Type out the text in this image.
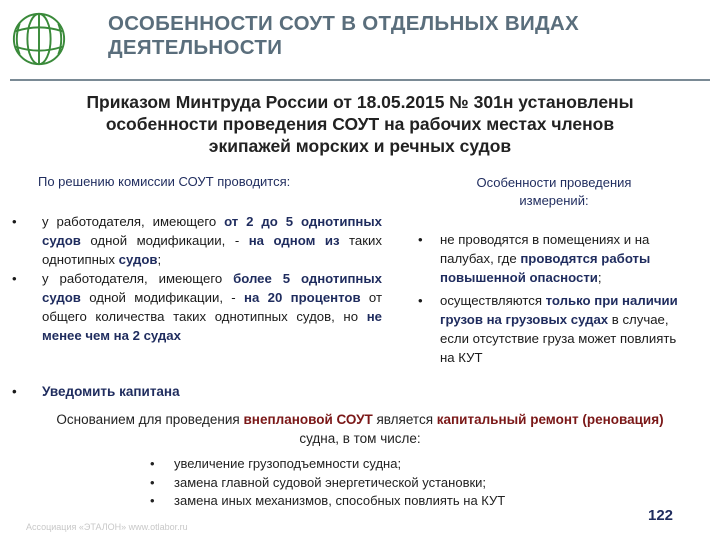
ОСОБЕННОСТИ СОУТ В ОТДЕЛЬНЫХ ВИДАХ
ДЕЯТЕЛЬНОСТИ
Приказом Минтруда России от 18.05.2015 № 301н установлены
особенности проведения СОУТ на рабочих местах членов
экипажей морских и речных судов
По решению комиссии СОУТ проводится:	Особенности проведения измерений:
• у работодателя, имеющего от 2 до 5 однотипных судов одной модификации, - на одном из таких однотипных судов;
• у работодателя, имеющего более 5 однотипных судов одной модификации, - на 20 процентов от общего количества таких однотипных судов, но не менее чем на 2 судах
• не проводятся в помещениях и на палубах, где проводятся работы повышенной опасности;
• осуществляются только при наличии грузов на грузовых судах в случае, если отсутствие груза может повлиять на КУТ
• Уведомить капитана
Основанием для проведения внеплановой СОУТ является капитальный ремонт (реновация) судна, в том числе:
• увеличение грузоподъемности судна;
• замена главной судовой энергетической установки;
• замена иных механизмов, способных повлиять на КУТ
Ассоциация «ЭТАЛОН» www.otlabor.ru
122
